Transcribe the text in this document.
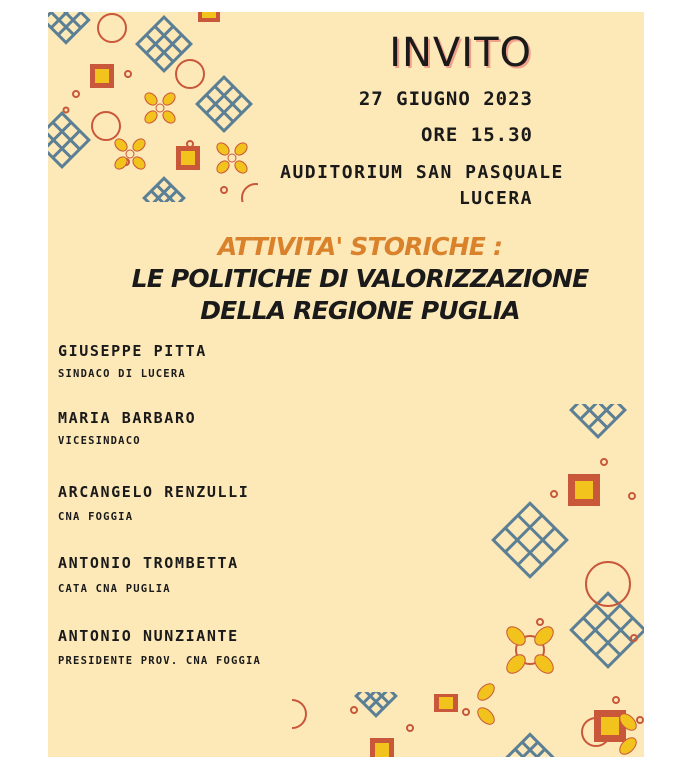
INVITO
27 GIUGNO 2023
ORE 15.30
AUDITORIUM SAN PASQUALE
LUCERA
ATTIVITA' STORICHE :
LE POLITICHE DI VALORIZZAZIONE
DELLA REGIONE PUGLIA
GIUSEPPE PITTA
SINDACO DI LUCERA
MARIA BARBARO
VICESINDACO
ARCANGELO RENZULLI
CNA FOGGIA
ANTONIO TROMBETTA
CATA CNA PUGLIA
ANTONIO NUNZIANTE
PRESIDENTE PROV. CNA FOGGIA
